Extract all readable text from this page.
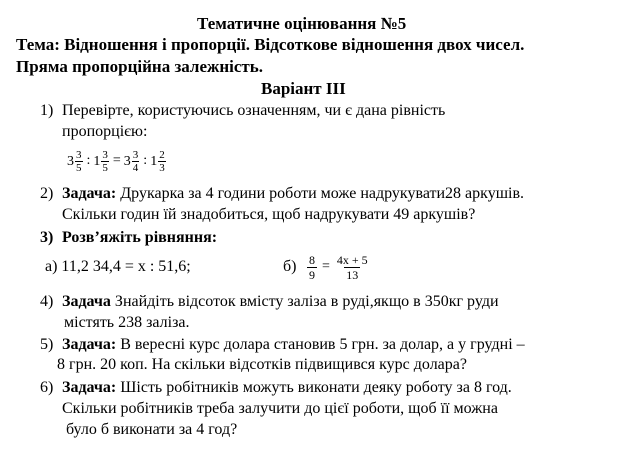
Тематичне оцінювання №5
Тема: Відношення і пропорції. Відсоткове відношення двох чисел.
Пряма пропорційна залежність.
Варіант ІІІ
1) Перевірте, користуючись означенням, чи є дана рівність
пропорцією:
$3 \frac{3}{5}$ : $1 \frac{3}{5} = 3 \frac{3}{4}$ : $1 \frac{2}{3}$
2) Задача: Друкарка за 4 години роботи може надрукувати28 аркушів.
Скільки годин їй знадобиться, щоб надрукувати 49 аркушів?
3) Розв’яжіть рівняння:
а) 11,2 34,4 = х : 51,6;	$б) \frac{8}{9} = \frac{4x + 5}{13}$
4) Задача Знайдіть відсоток вмісту заліза в руді,якщо в 350кг руди
містять 238 заліза.
5) Задача: В вересні курс долара становив 5 грн. за долар, а у грудні –
8 грн. 20 коп. На скільки відсотків підвищився курс долара?
6) Задача: Шість робітників можуть виконати деяку роботу за 8 год.
Скільки робітників треба залучити до цієї роботи, щоб її можна
було б виконати за 4 год?
